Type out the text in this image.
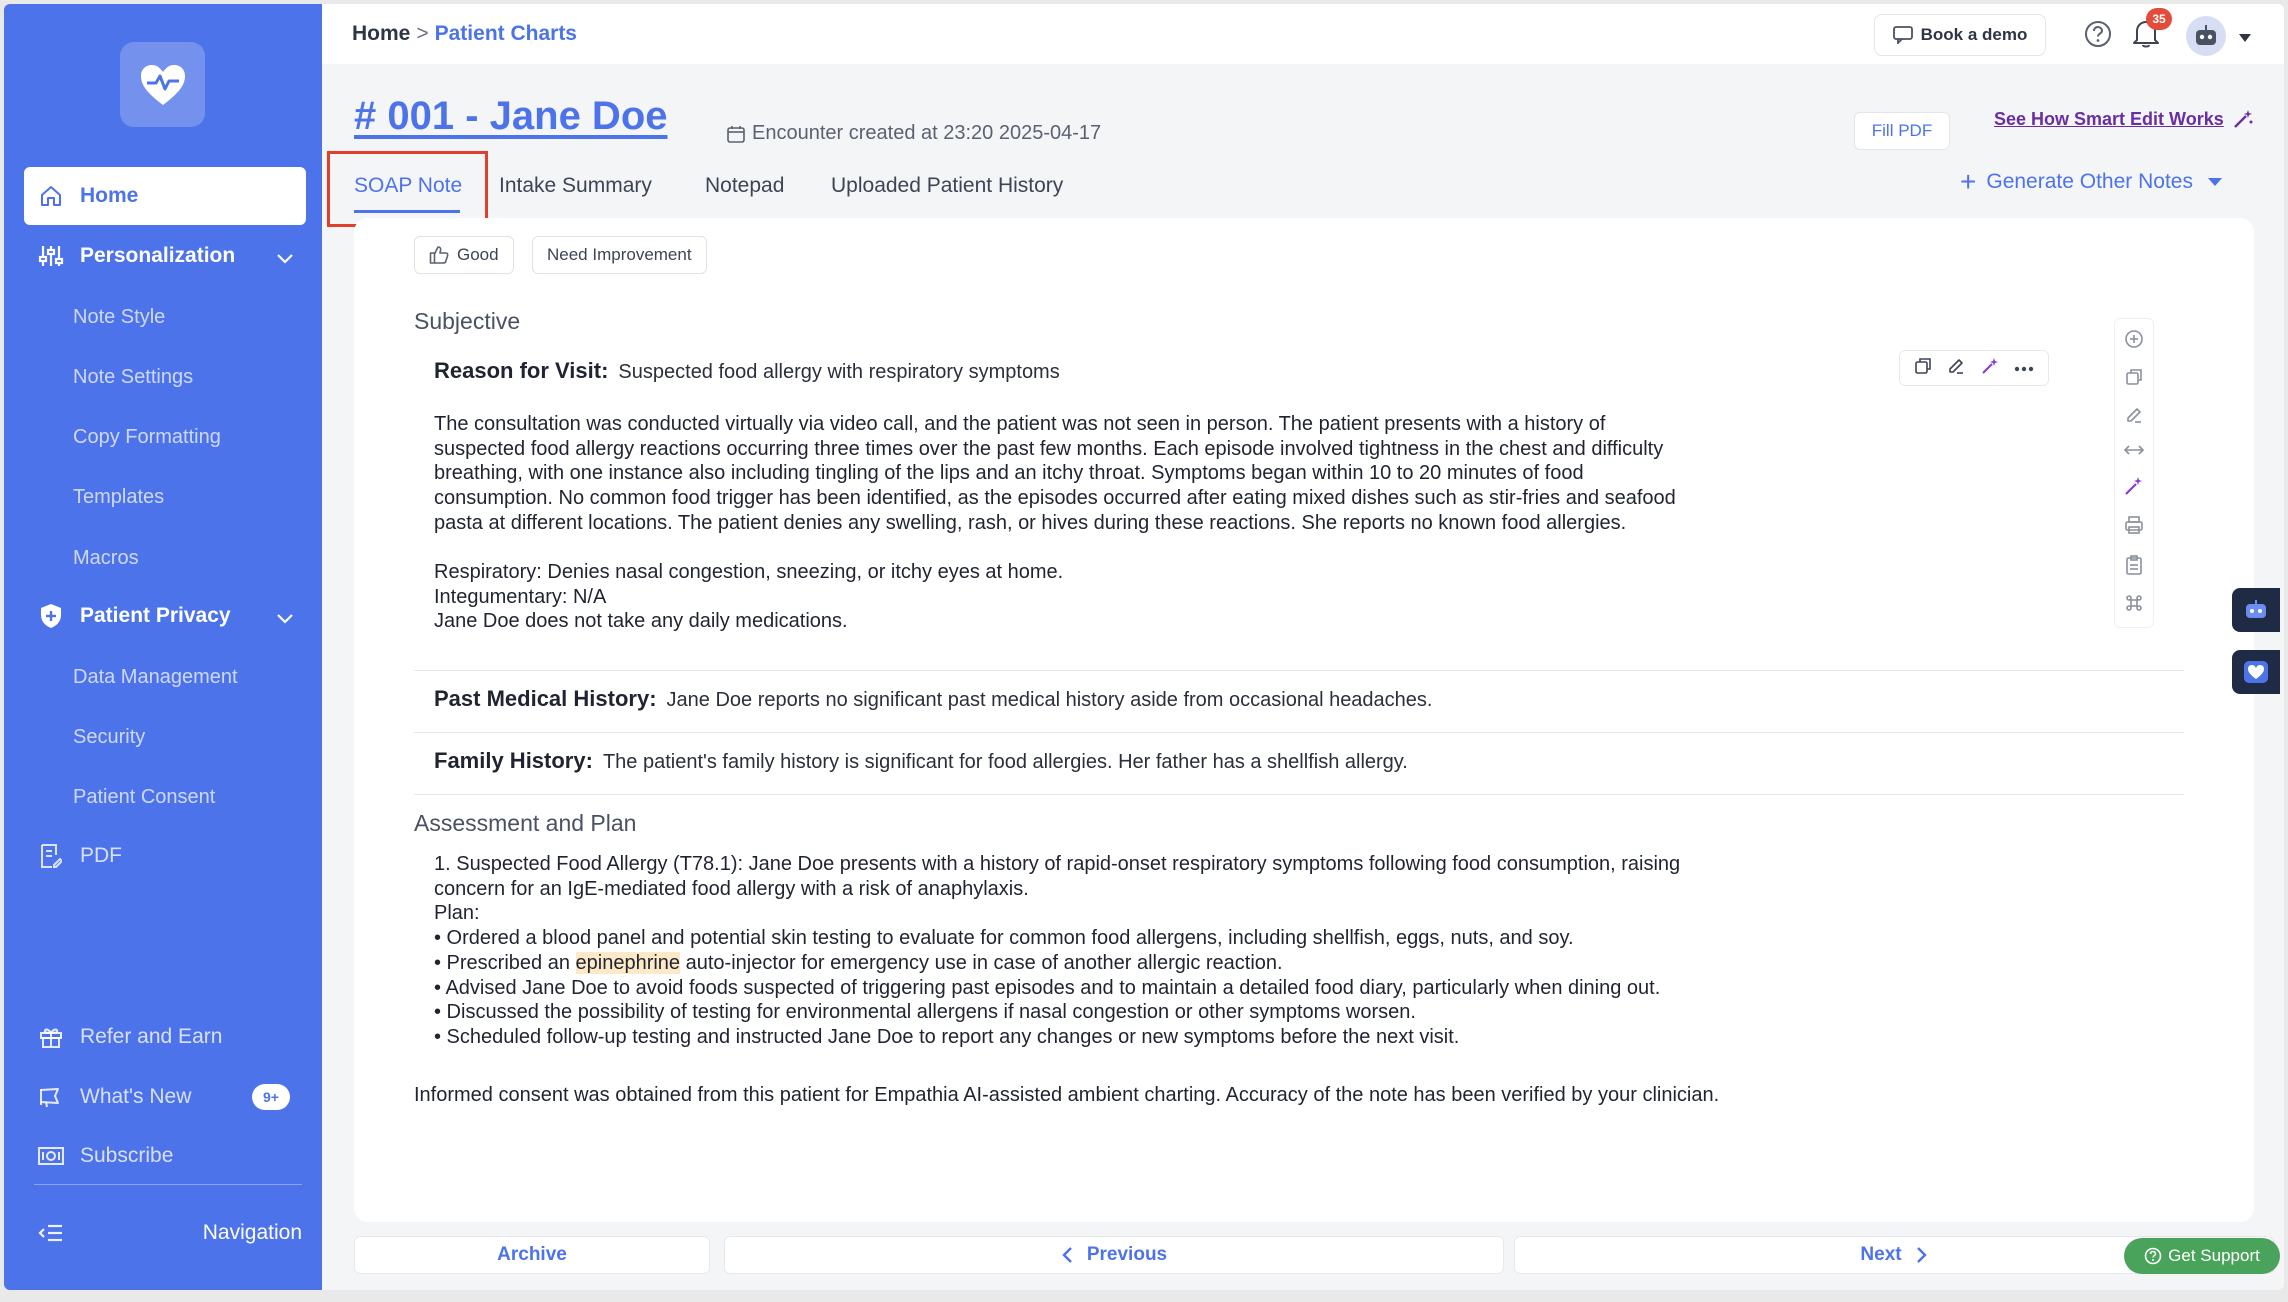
Home
Personalization
Note Style
Note Settings
Copy Formatting
Templates
Macros
Patient Privacy
Data Management
Security
Patient Consent
PDF
Refer and Earn
What's New	9+
Subscribe
Navigation
Home > Patient Charts	Book a demo
35
# 001 - Jane Doe	Encounter created at 23:20 2025-04-17	Fill PDF
See How Smart Edit Works
SOAP Note Intake Summary	Notepad Uploaded Patient History	+ Generate Other Notes
Good	Need Improvement
Subjective
Reason for Visit: Suspected food allergy with respiratory symptoms
The consultation was conducted virtually via video call, and the patient was not seen in person. The patient presents with a history of
suspected food allergy reactions occurring three times over the past few months. Each episode involved tightness in the chest and difficulty
breathing, with one instance also including tingling of the lips and an itchy throat. Symptoms began within 10 to 20 minutes of food
consumption. No common food trigger has been identified, as the episodes occurred after eating mixed dishes such as stir-fries and seafood
pasta at different locations. The patient denies any swelling, rash, or hives during these reactions. She reports no known food allergies.
Respiratory: Denies nasal congestion, sneezing, or itchy eyes at home.
Integumentary: N/A
Jane Doe does not take any daily medications.
Past Medical History: Jane Doe reports no significant past medical history aside from occasional headaches.
Family History: The patient's family history is significant for food allergies. Her father has a shellfish allergy.
Assessment and Plan
1. Suspected Food Allergy (T78.1): Jane Doe presents with a history of rapid-onset respiratory symptoms following food consumption, raising
concern for an IgE-mediated food allergy with a risk of anaphylaxis.
Plan:
• Ordered a blood panel and potential skin testing to evaluate for common food allergens, including shellfish, eggs, nuts, and soy.
• Prescribed an epinephrine auto-injector for emergency use in case of another allergic reaction.
• Advised Jane Doe to avoid foods suspected of triggering past episodes and to maintain a detailed food diary, particularly when dining out.
• Discussed the possibility of testing for environmental allergens if nasal congestion or other symptoms worsen.
• Scheduled follow-up testing and instructed Jane Doe to report any changes or new symptoms before the next visit.
Informed consent was obtained from this patient for Empathia AI-assisted ambient charting. Accuracy of the note has been verified by your clinician.
Archive	Previous	Next	Get Support
